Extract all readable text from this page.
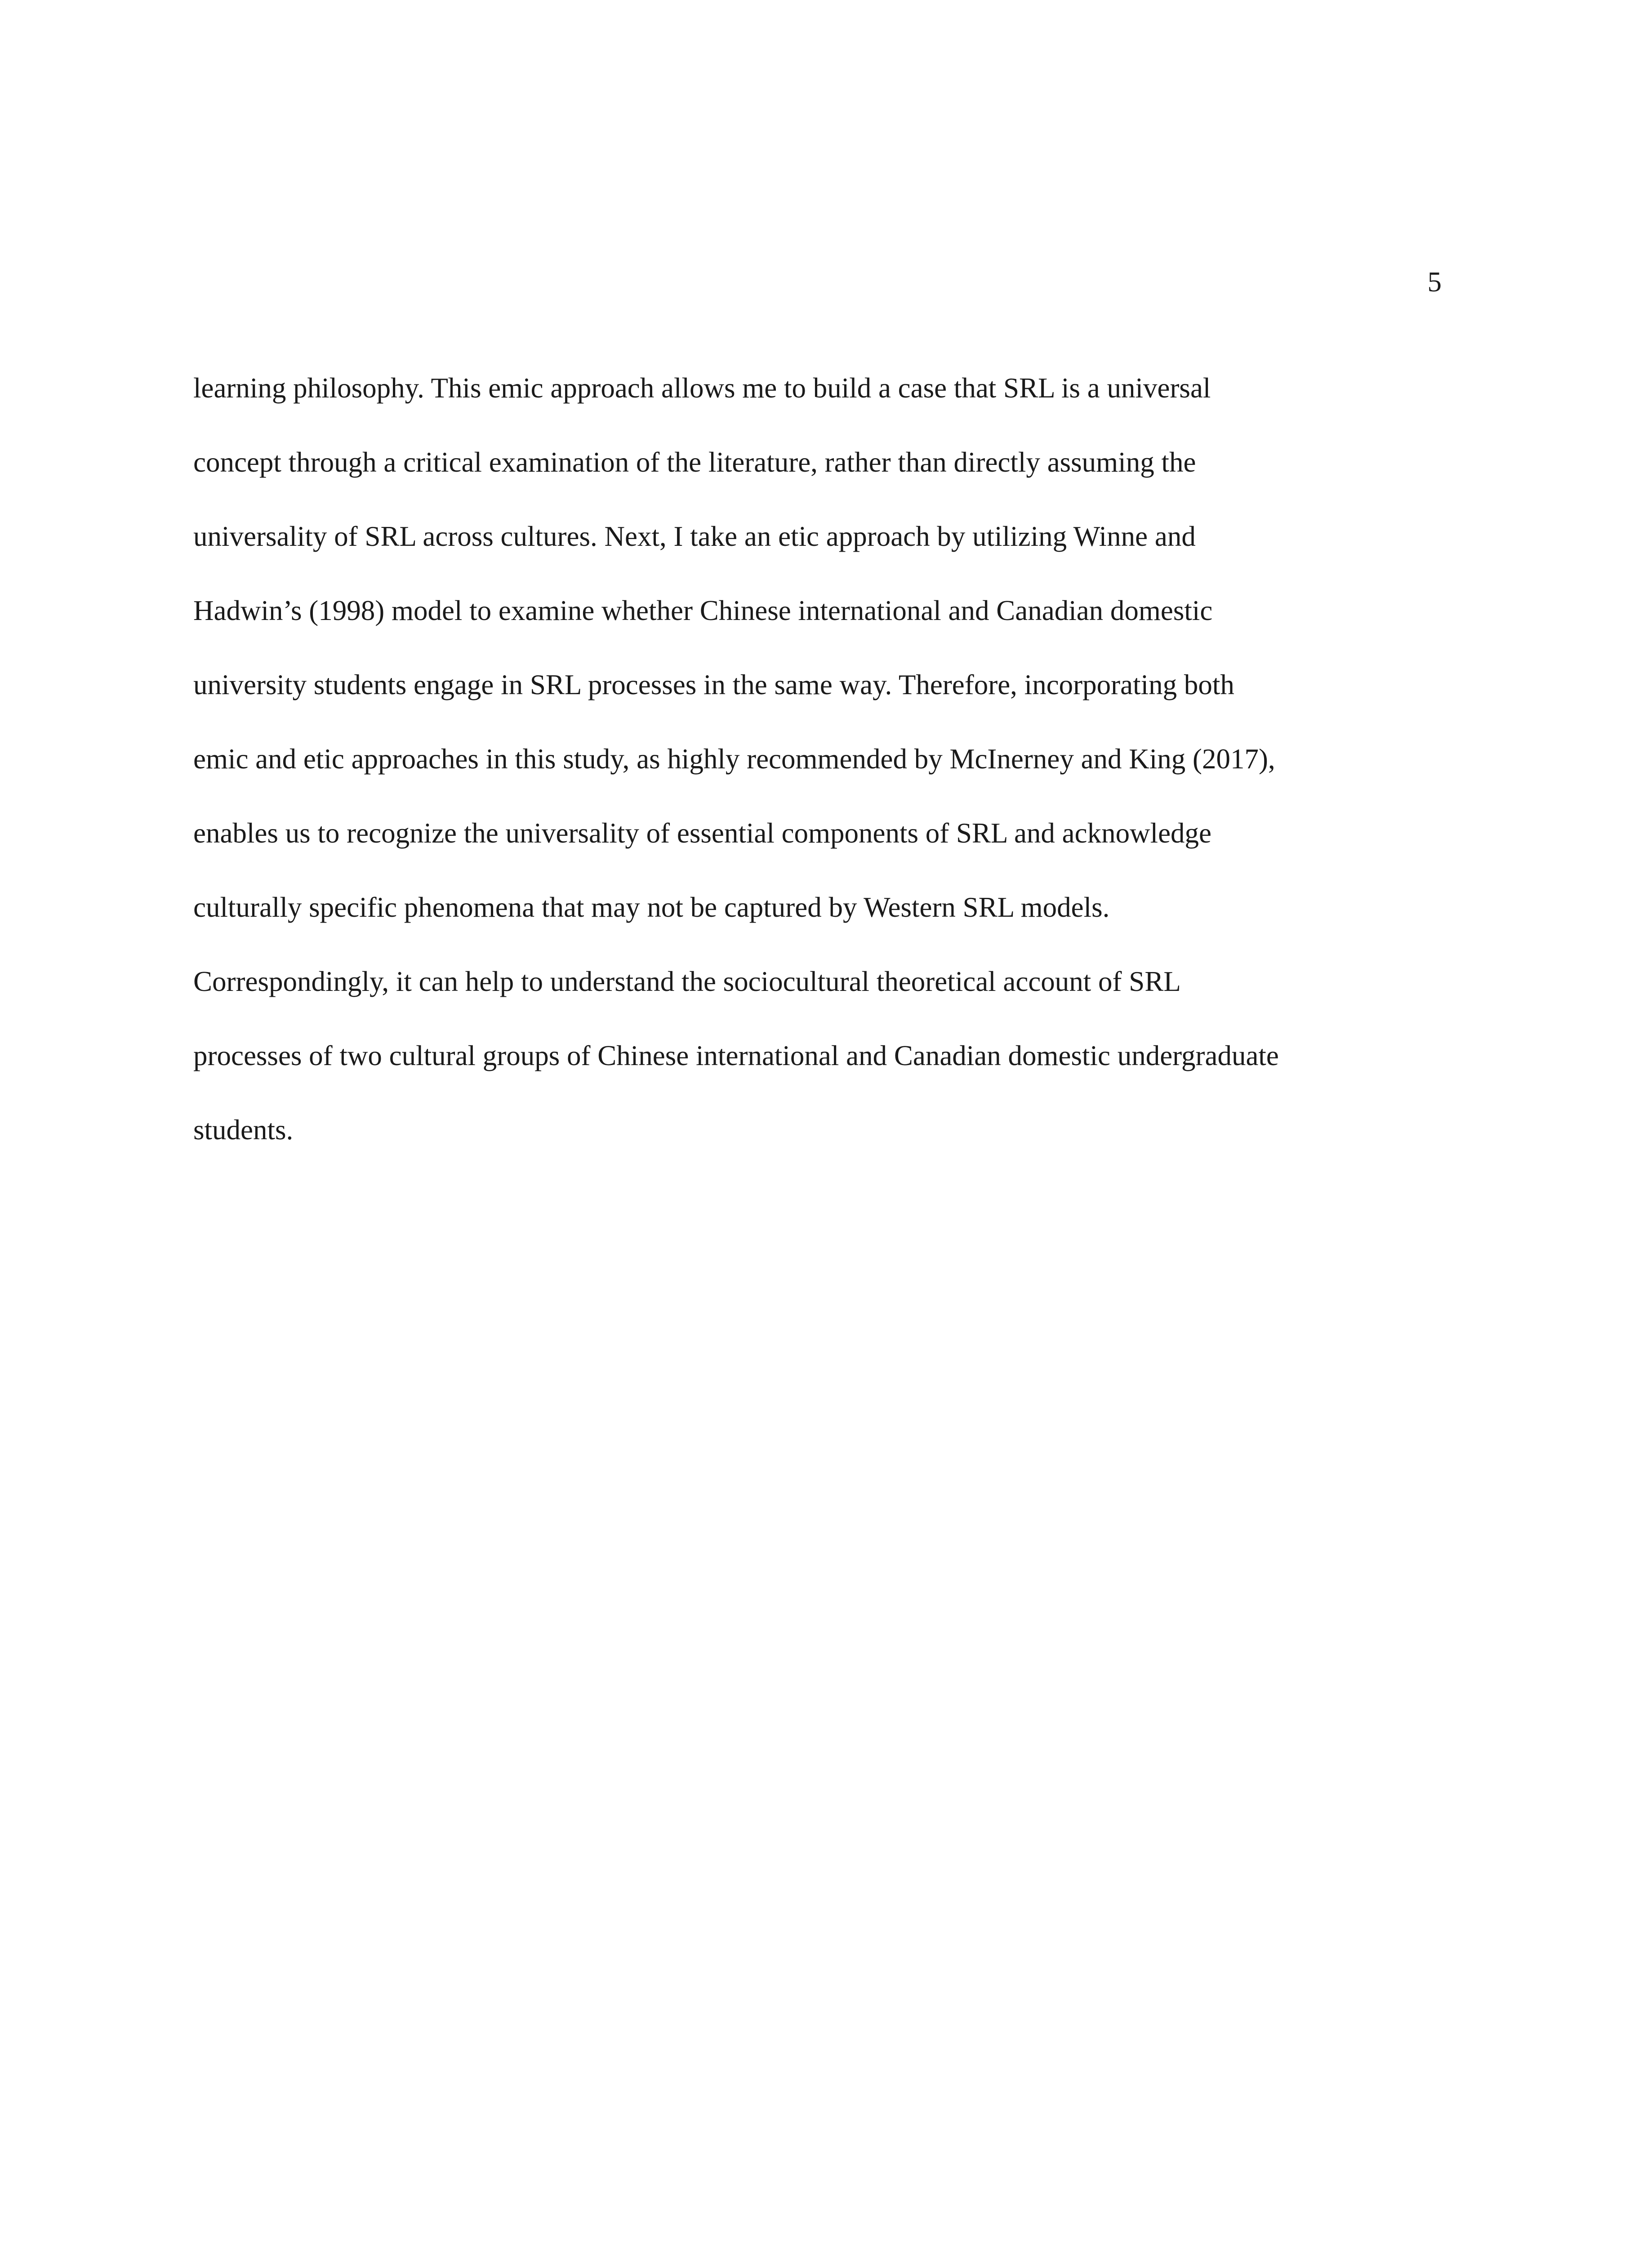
5
learning philosophy. This emic approach allows me to build a case that SRL is a universal
concept through a critical examination of the literature, rather than directly assuming the
universality of SRL across cultures. Next, I take an etic approach by utilizing Winne and
Hadwin’s (1998) model to examine whether Chinese international and Canadian domestic
university students engage in SRL processes in the same way. Therefore, incorporating both
emic and etic approaches in this study, as highly recommended by McInerney and King (2017),
enables us to recognize the universality of essential components of SRL and acknowledge
culturally specific phenomena that may not be captured by Western SRL models.
Correspondingly, it can help to understand the sociocultural theoretical account of SRL
processes of two cultural groups of Chinese international and Canadian domestic undergraduate
students.
